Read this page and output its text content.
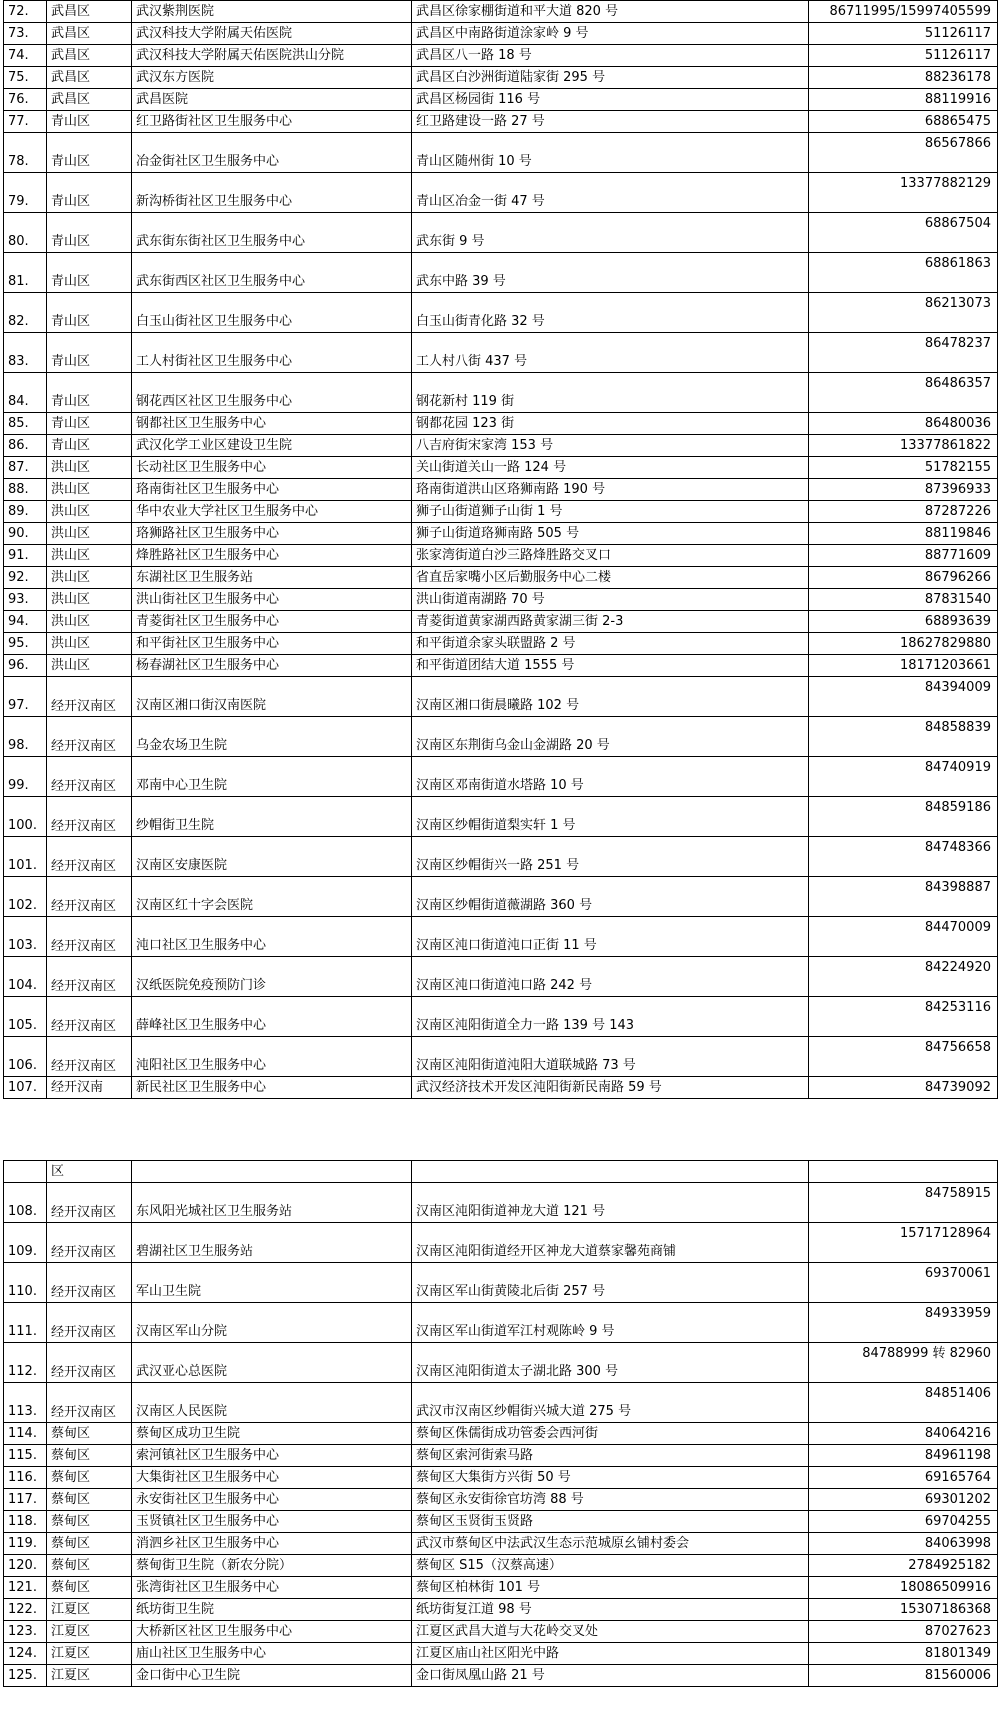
72.	武昌区	武汉紫荆医院	武昌区徐家棚街道和平大道 820 号	86711995/15997405599
73.	武昌区	武汉科技大学附属天佑医院	武昌区中南路街道涂家岭 9 号	51126117
74.	武昌区	武汉科技大学附属天佑医院洪山分院	武昌区八一路 18 号	51126117
75.	武昌区	武汉东方医院	武昌区白沙洲街道陆家街 295 号	88236178
76.	武昌区	武昌医院	武昌区杨园街 116 号	88119916
77.	青山区	红卫路街社区卫生服务中心	红卫路建设一路 27 号	68865475
78.	青山区	冶金街社区卫生服务中心	青山区随州街 10 号	86567866
79.	青山区	新沟桥街社区卫生服务中心	青山区冶金一街 47 号	13377882129
80.	青山区	武东街东街社区卫生服务中心	武东街 9 号	68867504
81.	青山区	武东街西区社区卫生服务中心	武东中路 39 号	68861863
82.	青山区	白玉山街社区卫生服务中心	白玉山街青化路 32 号	86213073
83.	青山区	工人村街社区卫生服务中心	工人村八街 437 号	86478237
84.	青山区	钢花西区社区卫生服务中心	钢花新村 119 街	86486357
85.	青山区	钢都社区卫生服务中心	钢都花园 123 街	86480036
86.	青山区	武汉化学工业区建设卫生院	八吉府街宋家湾 153 号	13377861822
87.	洪山区	长动社区卫生服务中心	关山街道关山一路 124 号	51782155
88.	洪山区	珞南街社区卫生服务中心	珞南街道洪山区珞狮南路 190 号	87396933
89.	洪山区	华中农业大学社区卫生服务中心	狮子山街道狮子山街 1 号	87287226
90.	洪山区	珞狮路社区卫生服务中心	狮子山街道珞狮南路 505 号	88119846
91.	洪山区	烽胜路社区卫生服务中心	张家湾街道白沙三路烽胜路交叉口	88771609
92.	洪山区	东湖社区卫生服务站	省直岳家嘴小区后勤服务中心二楼	86796266
93.	洪山区	洪山街社区卫生服务中心	洪山街道南湖路 70 号	87831540
94.	洪山区	青菱街社区卫生服务中心	青菱街道黄家湖西路黄家湖三街 2-3	68893639
95.	洪山区	和平街社区卫生服务中心	和平街道余家头联盟路 2 号	18627829880
96.	洪山区	杨春湖社区卫生服务中心	和平街道团结大道 1555 号	18171203661
97.	经开汉南区	汉南区湘口街汉南医院	汉南区湘口街晨曦路 102 号	84394009
98.	经开汉南区	乌金农场卫生院	汉南区东荆街乌金山金湖路 20 号	84858839
99.	经开汉南区	邓南中心卫生院	汉南区邓南街道水塔路 10 号	84740919
100.	经开汉南区	纱帽街卫生院	汉南区纱帽街道梨实轩 1 号	84859186
101.	经开汉南区	汉南区安康医院	汉南区纱帽街兴一路 251 号	84748366
102.	经开汉南区	汉南区红十字会医院	汉南区纱帽街道薇湖路 360 号	84398887
103.	经开汉南区	沌口社区卫生服务中心	汉南区沌口街道沌口正街 11 号	84470009
104.	经开汉南区	汉纸医院免疫预防门诊	汉南区沌口街道沌口路 242 号	84224920
105.	经开汉南区	薛峰社区卫生服务中心	汉南区沌阳街道全力一路 139 号 143	84253116
106.	经开汉南区	沌阳社区卫生服务中心	汉南区沌阳街道沌阳大道联城路 73 号	84756658
107.	经开汉南	新民社区卫生服务中心	武汉经济技术开发区沌阳街新民南路 59 号	84739092
	区			
108.	经开汉南区	东风阳光城社区卫生服务站	汉南区沌阳街道神龙大道 121 号	84758915
109.	经开汉南区	碧湖社区卫生服务站	汉南区沌阳街道经开区神龙大道蔡家馨苑商铺	15717128964
110.	经开汉南区	军山卫生院	汉南区军山街黄陵北后街 257 号	69370061
111.	经开汉南区	汉南区军山分院	汉南区军山街道军江村观陈岭 9 号	84933959
112.	经开汉南区	武汉亚心总医院	汉南区沌阳街道太子湖北路 300 号	84788999 转 82960
113.	经开汉南区	汉南区人民医院	武汉市汉南区纱帽街兴城大道 275 号	84851406
114.	蔡甸区	蔡甸区成功卫生院	蔡甸区侏儒街成功管委会西河街	84064216
115.	蔡甸区	索河镇社区卫生服务中心	蔡甸区索河街索马路	84961198
116.	蔡甸区	大集街社区卫生服务中心	蔡甸区大集街方兴街 50 号	69165764
117.	蔡甸区	永安街社区卫生服务中心	蔡甸区永安街徐官坊湾 88 号	69301202
118.	蔡甸区	玉贤镇社区卫生服务中心	蔡甸区玉贤街玉贤路	69704255
119.	蔡甸区	消泗乡社区卫生服务中心	武汉市蔡甸区中法武汉生态示范城原幺铺村委会	84063998
120.	蔡甸区	蔡甸街卫生院（新农分院）	蔡甸区 S15（汉蔡高速）	2784925182
121.	蔡甸区	张湾街社区卫生服务中心	蔡甸区柏林街 101 号	18086509916
122.	江夏区	纸坊街卫生院	纸坊街复江道 98 号	15307186368
123.	江夏区	大桥新区社区卫生服务中心	江夏区武昌大道与大花岭交叉处	87027623
124.	江夏区	庙山社区卫生服务中心	江夏区庙山社区阳光中路	81801349
125.	江夏区	金口街中心卫生院	金口街凤凰山路 21 号	81560006
